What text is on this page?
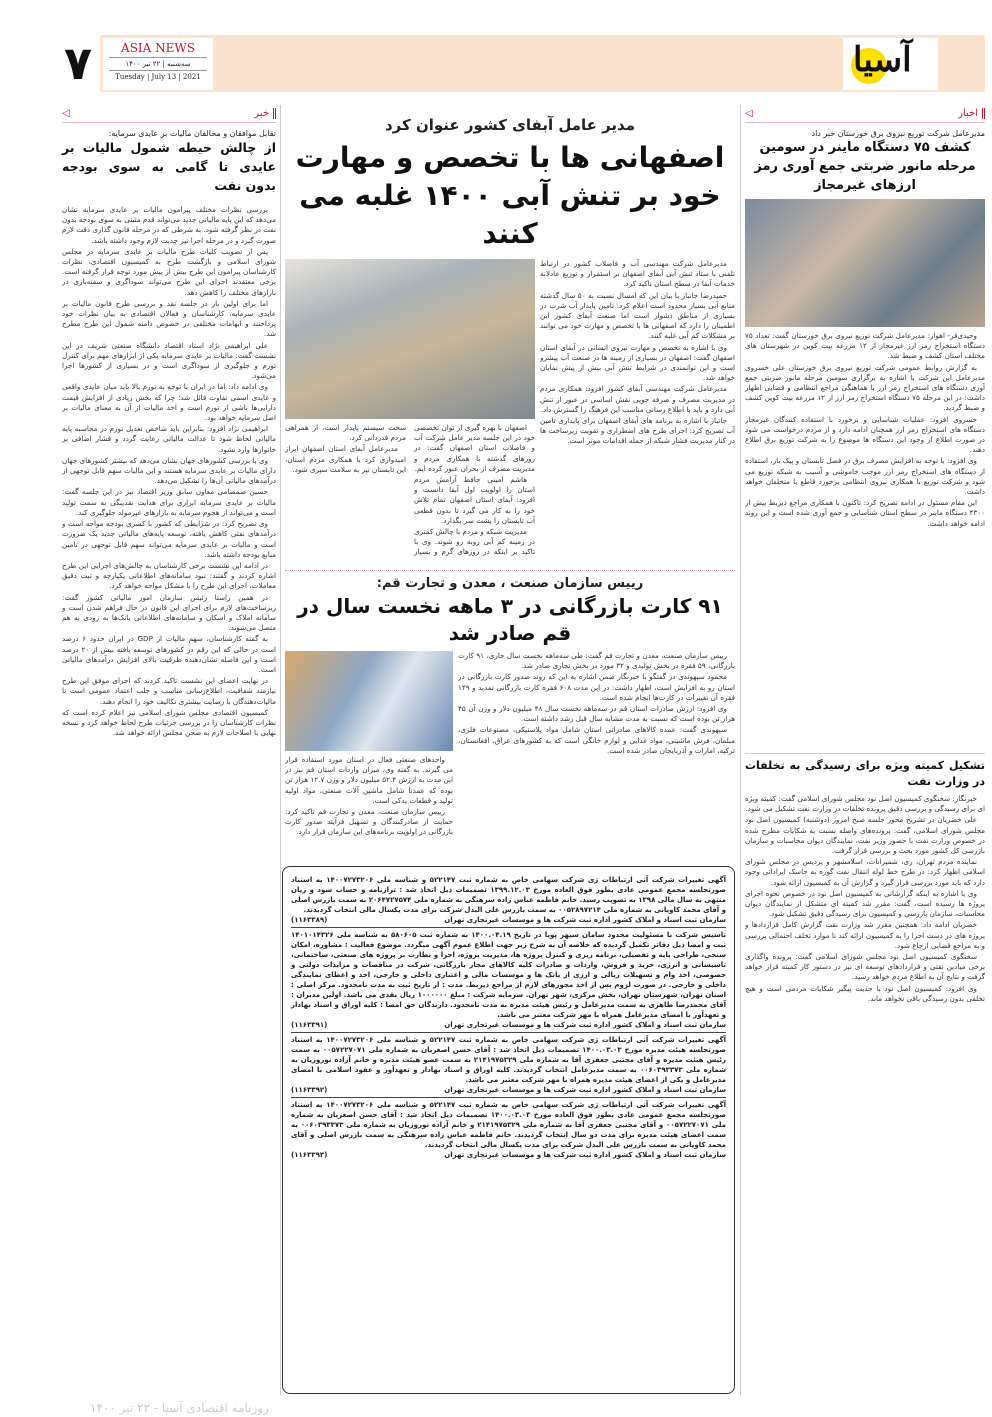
۷	ASIA NEWS
سه‌شنبه | ۲۲ تیر ۱۴۰۰
Tuesday | July 13 | 2021	آسیا
اخبار
◁
مدیرعامل شرکت توزیع نیروی برق خوزستان خبر داد
کشف ۷۵ دستگاه ماینر در سومین مرحله مانور ضربتی جمع آوری رمز ارزهای غیرمجاز

وحیدی‌فر- اهواز: مدیرعامل شرکت توزیع نیروی برق خوزستان گفت: تعداد ۷۵ دستگاه استخراج رمز ارز غیرمجاز از ۱۲ مزرعه بیت کوین در شهرستان های مختلف استان کشف و ضبط شد.

به گزارش روابط عمومی شرکت توزیع نیروی برق خوزستان علی خسروی مدیرعامل این شرکت با اشاره به برگزاری سومین مرحله مانور ضربتی جمع آوری دستگاه های استخراج رمز ارز با هماهنگی مراجع انتظامی و قضایی اظهار داشت: در این مرحله ۷۵ دستگاه استخراج رمز ارز از ۱۲ مزرعه بیت کوین کشف و ضبط گردید.

خسروی افزود: عملیات شناسایی و برخورد با استفاده کنندگان غیرمجاز دستگاه های استخراج رمز ارز همچنان ادامه دارد و از مردم درخواست می شود در صورت اطلاع از وجود این دستگاه ها موضوع را به شرکت توزیع برق اطلاع دهند.

وی افزود: با توجه به افزایش مصرف برق در فصل تابستان و پیک بار، استفاده از دستگاه های استخراج رمز ارز موجب خاموشی و آسیب به شبکه توزیع می شود و شرکت توزیع با همکاری نیروی انتظامی برخورد قاطع با متخلفان خواهد داشت.

این مقام مسئول در ادامه تصریح کرد: تاکنون با همکاری مراجع ذیربط بیش از ۴۳۰۰ دستگاه ماینر در سطح استان شناسایی و جمع آوری شده است و این روند ادامه خواهد داشت.

تشکیل کمیته ویژه برای رسیدگی به تخلفات در وزارت نفت

خبرنگار: سخنگوی کمیسیون اصل نود مجلس شورای اسلامی گفت: کمیته ویژه ای برای رسیدگی و بررسی دقیق پرونده تخلفات در وزارت نفت تشکیل می شود.

علی خضریان در تشریح محور جلسه صبح امروز (دوشنبه) کمیسیون اصل نود مجلس شورای اسلامی، گفت: پرونده‌های واصله نسبت به شکایات مطرح شده در خصوص وزارت نفت با حضور وزیر نفت، نمایندگان دیوان محاسبات و سازمان بازرسی کل کشور مورد بحث و بررسی قرار گرفت.

نماینده مردم تهران، ری، شمیرانات، اسلامشهر و پردیس در مجلس شورای اسلامی اظهار کرد: در طرح خط لوله انتقال نفت گوره به جاسک ایراداتی وجود دارد که باید مورد بررسی قرار گیرد و گزارش آن به کمیسیون ارائه شود.

وی با اشاره به اینکه گزارشاتی به کمیسیون اصل نود در خصوص نحوه اجرای پروژه ها رسیده است، گفت: مقرر شد کمیته ای متشکل از نمایندگان دیوان محاسبات، سازمان بازرسی و کمیسیون برای رسیدگی دقیق تشکیل شود.

خضریان ادامه داد: همچنین مقرر شد وزارت نفت گزارش کامل قراردادها و پروژه های در دست اجرا را به کمیسیون ارائه کند تا موارد تخلف احتمالی بررسی و به مراجع قضایی ارجاع شود.

سخنگوی کمیسیون اصل نود مجلس شورای اسلامی گفت: پرونده واگذاری برخی میادین نفتی و قراردادهای توسعه ای نیز در دستور کار کمیته قرار خواهد گرفت و نتایج آن به اطلاع مردم خواهد رسید.

وی افزود: کمیسیون اصل نود با جدیت پیگیر شکایات مردمی است و هیچ تخلفی بدون رسیدگی باقی نخواهد ماند.

مدیر عامل آبفای کشور عنوان کرد
اصفهانی ها با تخصص و مهارت خود بر تنش آبی ۱۴۰۰ غلبه می کنند

اصفهان با بهره گیری از توان تخصصی خود در این جلسه مدیر عامل شرکت آب و فاضلاب استان اصفهان گفت: در روزهای گذشته با همکاری مردم و مدیریت مصرف از بحران عبور کرده ایم.

هاشم امینی حافظ آرامش مردم استان را اولویت اول آبفا دانست و افزود: آبفای استان اصفهان تمام تلاش خود را به کار می گیرد تا بدون قطعی آب تابستان را پشت سر بگذارد.

مدیریت شبکه و مردم با چالش کمتری در زمینه کم آبی روبه رو شوند. وی با تاکید بر اینکه در روزهای گرم و بسیار سخت سیستم پایدار است، از همراهی مردم قدردانی کرد.

مدیرعامل آبفای استان اصفهان ابراز امیدواری کرد با همکاری مردم استان، این تابستان نیز به سلامت سپری شود.

مدیرعامل شرکت مهندسی آب و فاضلاب کشور در ارتباط تلفنی با ستاد تنش آبی آبفای اصفهان بر استمرار و توزیع عادلانه خدمات آبفا در سطح استان تاکید کرد.

حمیدرضا جانباز با بیان این که امسال نسبت به ۵۰ سال گذشته منابع آبی بسیار محدود است اعلام کرد: تامین پایدار آب شرب در بسیاری از مناطق دشوار است اما صنعت آبفای کشور این اطمینان را دارد که اصفهانی ها با تخصص و مهارت خود می توانند بر مشکلات کم آبی غلبه کنند.

وی با اشاره به تخصص و مهارت نیروی انسانی در آبفای استان اصفهان گفت: اصفهان در بسیاری از زمینه ها در صنعت آب پیشرو است و این توانمندی در شرایط تنش آبی بیش از پیش نمایان خواهد شد.

مدیرعامل شرکت مهندسی آبفای کشور افزود: همکاری مردم در مدیریت مصرف و صرفه جویی نقش اساسی در عبور از تنش آبی دارد و باید با اطلاع رسانی مناسب این فرهنگ را گسترش داد.

جانباز با اشاره به برنامه های آبفای اصفهان برای پایداری تامین آب تصریح کرد: اجرای طرح های اضطراری و تقویت زیرساخت ها در کنار مدیریت فشار شبکه از جمله اقدامات موثر است.

رییس سازمان صنعت ، معدن و تجارت قم:
۹۱ کارت بازرگانی در ۳ ماهه نخست سال در قم صادر شد

واحدهای صنعتی فعال در استان مورد استفاده قرار می گیرند. به گفته وی، میزان واردات استان قم نیز در این مدت به ارزش ۵۲.۴ میلیون دلار و وزن ۱۲.۷ هزار تن بوده که عمدتا شامل ماشین آلات صنعتی، مواد اولیه تولید و قطعات یدکی است.

رییس سازمان صنعت، معدن و تجارت قم تاکید کرد: حمایت از صادرکنندگان و تسهیل فرآیند صدور کارت بازرگانی در اولویت برنامه‌های این سازمان قرار دارد.

رییس سازمان صنعت، معدن و تجارت قم گفت: طی سه‌ماهه نخست سال جاری، ۹۱ کارت بازرگانی، ۵۹ فقره در بخش تولیدی و ۳۲ مورد در بخش تجاری صادر شد.

محمود سپهوندی در گفتگو با خبرنگار ضمن اشاره به این که روند صدور کارت بازرگانی در استان رو به افزایش است، اظهار داشت: در این مدت ۶۰۸ فقره کارت بازرگانی تمدید و ۱۴۹ فقره آن تغییرات در کارت‌ها انجام شده است.

وی افزود: ارزش صادرات استان قم در سه‌ماهه نخست سال ۴۸ میلیون دلار و وزن آن ۴۵ هزار تن بوده است که نسبت به مدت مشابه سال قبل رشد داشته است.

سپهوندی گفت: عمده کالاهای صادراتی استان شامل مواد پلاستیکی، مصنوعات فلزی، مبلمان، فرش ماشینی، مواد غذایی و لوازم خانگی است که به کشورهای عراق، افغانستان، ترکیه، امارات و آذربایجان صادر شده است.

آگهی تغییرات شرکت آتی ارتباطات ژی شرکت سهامی خاص به شماره ثبت ۵۲۲۱۴۷ و شناسه ملی ۱۴۰۰۷۲۷۳۲۰۶ به استناد صورتجلسه مجمع عمومی عادی بطور فوق العاده مورخ ۱۳۹۹.۱۲.۰۳ تصمیمات ذیل اتخاذ شد : ترازنامه و حساب سود و زیان منتهی به سال مالی ۱۳۹۸ به تصویب رسید. خانم فاطمه عباس زاده سرهنگی به شماره ملی ۲۰۶۴۷۲۷۵۷۴ به سمت بازرس اصلی و آقای محمد کاویانی به شماره ملی ۰۰۵۲۸۹۷۲۱۴ به سمت بازرس علی البدل شرکت برای مدت یکسال مالی انتخاب گردیدند.
سازمان ثبت اسناد و املاک کشور اداره ثبت شرکت ها و موسسات غیرتجاری تهران
(۱۱۶۳۳۸۹)
تاسیس شرکت با مسئولیت محدود سامان سپهر پویا در تاریخ ۱۴۰۰.۰۴.۱۹ به شماره ثبت ۵۸۰۶۰۵ به شناسه ملی ۱۴۰۱۰۱۴۳۲۶ ثبت و امضا ذیل دفاتر تکمیل گردیده که خلاصه آن به شرح زیر جهت اطلاع عموم آگهی میگردد. موضوع فعالیت : مشاوره، امکان سنجی، طراحی پایه و تفصیلی، برنامه ریزی و کنترل پروژه ها، مدیریت پروژه، اجرا و نظارت بر پروژه های صنعتی، ساختمانی، تاسیساتی و انرژی، خرید و فروش، واردات و صادرات کلیه کالاهای مجاز بازرگانی، شرکت در مناقصات و مزایدات دولتی و خصوصی، اخذ وام و تسهیلات ریالی و ارزی از بانک ها و موسسات مالی و اعتباری داخلی و خارجی، اخذ و اعطای نمایندگی داخلی و خارجی. در صورت لزوم پس از اخذ مجوزهای لازم از مراجع ذیربط. مدت : از تاریخ ثبت به مدت نامحدود. مرکز اصلی : استان تهران، شهرستان تهران، بخش مرکزی، شهر تهران. سرمایه شرکت : مبلغ ۱۰۰۰۰۰۰ ریال نقدی می باشد. اولین مدیران : آقای محمدرضا طاهری به سمت مدیرعامل و رئیس هیئت مدیره به مدت نامحدود. دارندگان حق امضا : کلیه اوراق و اسناد بهادار و تعهدآور با امضای مدیرعامل همراه با مهر شرکت معتبر می باشد.
سازمان ثبت اسناد و املاک کشور اداره ثبت شرکت ها و موسسات غیرتجاری تهران
(۱۱۶۳۳۹۱)
آگهی تغییرات شرکت آتی ارتباطات ژی شرکت سهامی خاص به شماره ثبت ۵۲۲۱۴۷ و شناسه ملی ۱۴۰۰۷۲۷۳۲۰۶ به استناد صورتجلسه هیئت مدیره مورخ ۱۴۰۰.۰۳.۰۳ تصمیمات ذیل اتخاذ شد : آقای حسن اصغریان به شماره ملی ۰۰۵۷۲۲۷۰۷۱ به سمت رئیس هیئت مدیره و آقای مجتبی جعفری آقا به شماره ملی ۲۱۴۱۹۷۵۳۲۹ به سمت عضو هیئت مدیره و خانم آزاده نوروزیان به شماره ملی ۰۰۶۰۳۹۳۳۷۳ به سمت مدیرعامل انتخاب گردیدند. کلیه اوراق و اسناد بهادار و تعهدآور و عقود اسلامی با امضای مدیرعامل و یکی از اعضای هیئت مدیره همراه با مهر شرکت معتبر می باشد.
سازمان ثبت اسناد و املاک کشور اداره ثبت شرکت ها و موسسات غیرتجاری تهران
(۱۱۶۳۳۹۲)
آگهی تغییرات شرکت آتی ارتباطات ژی شرکت سهامی خاص به شماره ثبت ۵۲۲۱۴۷ و شناسه ملی ۱۴۰۰۷۲۷۳۲۰۶ به استناد صورتجلسه مجمع عمومی عادی بطور فوق العاده مورخ ۱۴۰۰.۰۳.۰۳ تصمیمات ذیل اتخاذ شد : آقای حسن اصغریان به شماره ملی ۰۰۵۷۲۲۷۰۷۱ و آقای مجتبی جعفری آقا به شماره ملی ۲۱۴۱۹۷۵۳۲۹ و خانم آزاده نوروزیان به شماره ملی ۰۰۶۰۳۹۳۳۷۳ به سمت اعضای هیئت مدیره برای مدت دو سال انتخاب گردیدند. خانم فاطمه عباس زاده سرهنگی به سمت بازرس اصلی و آقای محمد کاویانی به سمت بازرس علی البدل شرکت برای مدت یکسال مالی انتخاب گردیدند.
سازمان ثبت اسناد و املاک کشور اداره ثبت شرکت ها و موسسات غیرتجاری تهران
(۱۱۶۳۳۹۳)
خبر
◁
تقابل موافقان و مخالفان مالیات بر عایدی سرمایه:
از چالش حیطه شمول مالیات بر عایدی تا گامی به سوی بودجه بدون نفت

بررسی نظرات مختلف پیرامون مالیات بر عایدی سرمایه نشان می‌دهد که این پایه مالیاتی جدید می‌تواند قدم مثبتی به سوی بودجه بدون نفت در نظر گرفته شود. به شرطی که در مرحله قانون گذاری دقت لازم صورت گیرد و در مرحله اجرا نیز جدیت لازم وجود داشته باشد.

پس از تصویب کلیات طرح مالیات بر عایدی سرمایه در مجلس شورای اسلامی و بازگشت طرح به کمیسیون اقتصادی، نظرات کارشناسان پیرامون این طرح بیش از پیش مورد توجه قرار گرفته است. برخی معتقدند اجرای این طرح می‌تواند سوداگری و سفته‌بازی در بازارهای مختلف را کاهش دهد.

اما برای اولین بار در جلسه نقد و بررسی طرح قانون مالیات بر عایدی سرمایه، کارشناسان و فعالان اقتصادی به بیان نظرات خود پرداختند و ابهامات مختلفی در خصوص دامنه شمول این طرح مطرح شد.

علی ابراهیمی نژاد استاد اقتصاد دانشگاه صنعتی شریف در این نشست گفت: مالیات بر عایدی سرمایه یکی از ابزارهای مهم برای کنترل تورم و جلوگیری از سوداگری است و در بسیاری از کشورها اجرا می‌شود.

وی ادامه داد: اما در ایران با توجه به تورم بالا باید میان عایدی واقعی و عایدی اسمی تفاوت قائل شد؛ چرا که بخش زیادی از افزایش قیمت دارایی‌ها ناشی از تورم است و اخذ مالیات از آن به معنای مالیات بر اصل سرمایه خواهد بود.

ابراهیمی نژاد افزود: بنابراین باید شاخص تعدیل تورم در محاسبه پایه مالیاتی لحاظ شود تا عدالت مالیاتی رعایت گردد و فشار اضافی بر خانوارها وارد نشود.

وی با بررسی کشورهای جهان نشان می‌دهد که بیشتر کشورهای جهان دارای مالیات بر عایدی سرمایه هستند و این مالیات سهم قابل توجهی از درآمدهای مالیاتی آن‌ها را تشکیل می‌دهد.

حسین صمصامی معاون سابق وزیر اقتصاد نیز در این جلسه گفت: مالیات بر عایدی سرمایه ابزاری برای هدایت نقدینگی به سمت تولید است و می‌تواند از هجوم سرمایه به بازارهای غیرمولد جلوگیری کند.

وی تصریح کرد: در شرایطی که کشور با کسری بودجه مواجه است و درآمدهای نفتی کاهش یافته، توسعه پایه‌های مالیاتی جدید یک ضرورت است و مالیات بر عایدی سرمایه می‌تواند سهم قابل توجهی در تامین منابع بودجه داشته باشد.

در ادامه این نشست برخی کارشناسان به چالش‌های اجرایی این طرح اشاره کردند و گفتند: نبود سامانه‌های اطلاعاتی یکپارچه و ثبت دقیق معاملات، اجرای این طرح را با مشکل مواجه خواهد کرد.

در همین راستا رئیس سازمان امور مالیاتی کشور گفت: زیرساخت‌های لازم برای اجرای این قانون در حال فراهم شدن است و سامانه املاک و اسکان و سامانه‌های اطلاعاتی بانک‌ها به زودی به هم متصل می‌شوند.

به گفته کارشناسان، سهم مالیات از GDP در ایران حدود ۶ درصد است در حالی که این رقم در کشورهای توسعه یافته بیش از ۲۰ درصد است و این فاصله نشان‌دهنده ظرفیت بالای افزایش درآمدهای مالیاتی است.

در نهایت اعضای این نشست تاکید کردند که اجرای موفق این طرح نیازمند شفافیت، اطلاع‌رسانی مناسب و جلب اعتماد عمومی است تا مالیات‌دهندگان با رضایت بیشتری تکالیف خود را انجام دهند.

کمیسیون اقتصادی مجلس شورای اسلامی نیز اعلام کرده است که نظرات کارشناسان را در بررسی جزئیات طرح لحاظ خواهد کرد و نسخه نهایی با اصلاحات لازم به صحن مجلس ارائه خواهد شد.

روزنامه اقتصادی آسیا - ۲۲ تیر ۱۴۰۰
